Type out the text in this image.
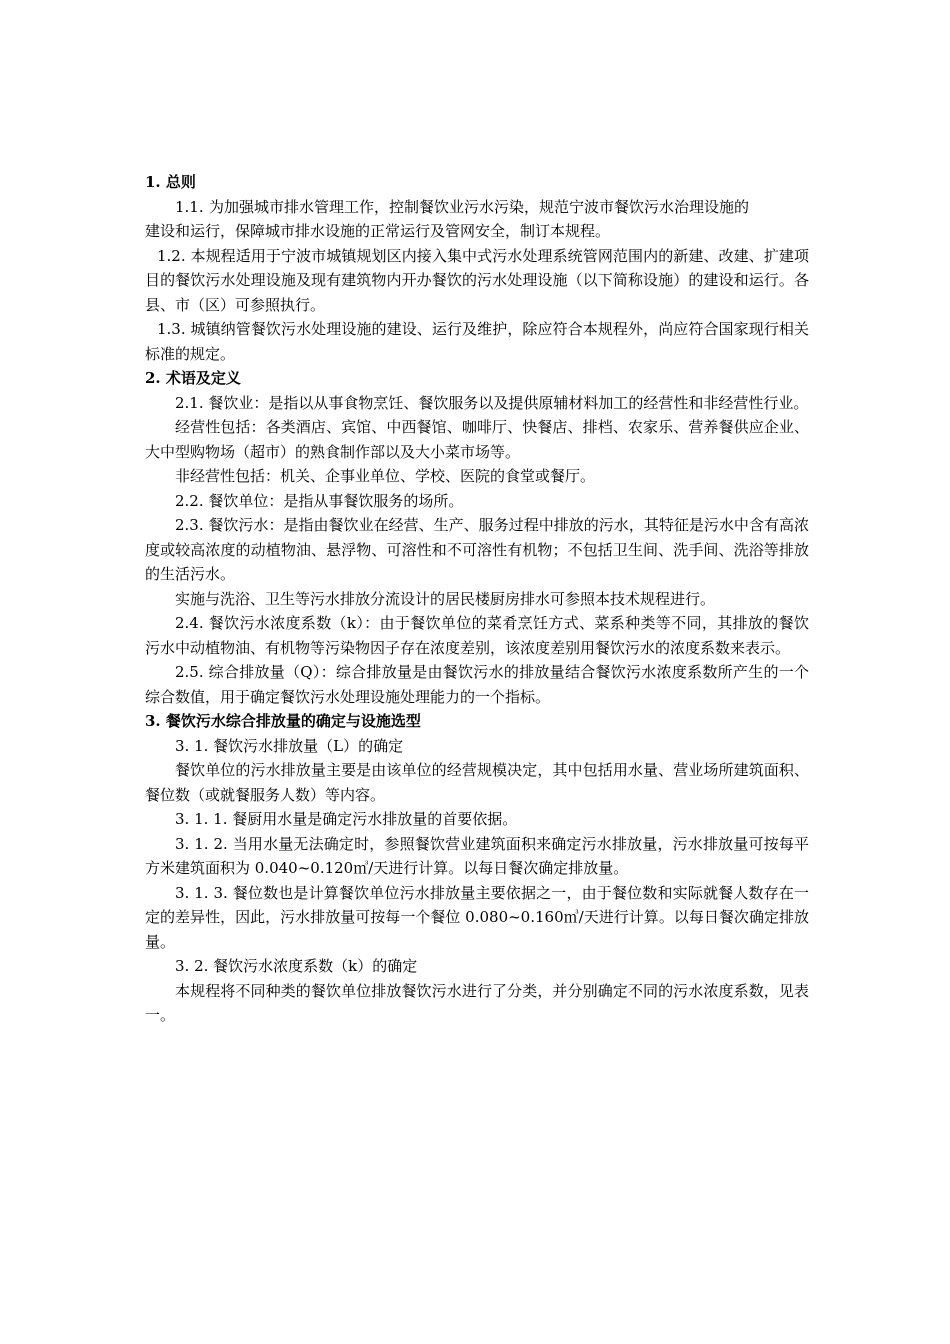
1. 总则
1.1. 为加强城市排水管理工作，控制餐饮业污水污染，规范宁波市餐饮污水治理设施的

建设和运行，保障城市排水设施的正常运行及管网安全，制订本规程。

1.2. 本规程适用于宁波市城镇规划区内接入集中式污水处理系统管网范围内的新建、改建、扩建项目的餐饮污水处理设施及现有建筑物内开办餐饮的污水处理设施（以下简称设施）的建设和运行。各县、市（区）可参照执行。

1.3. 城镇纳管餐饮污水处理设施的建设、运行及维护，除应符合本规程外，尚应符合国家现行相关标准的规定。

2. 术语及定义

2.1. 餐饮业：是指以从事食物烹饪、餐饮服务以及提供原辅材料加工的经营性和非经营性行业。

经营性包括：各类酒店、宾馆、中西餐馆、咖啡厅、快餐店、排档、农家乐、营养餐供应企业、大中型购物场（超市）的熟食制作部以及大小菜市场等。

非经营性包括：机关、企事业单位、学校、医院的食堂或餐厅。

2.2. 餐饮单位：是指从事餐饮服务的场所。

2.3. 餐饮污水：是指由餐饮业在经营、生产、服务过程中排放的污水，其特征是污水中含有高浓度或较高浓度的动植物油、悬浮物、可溶性和不可溶性有机物；不包括卫生间、洗手间、洗浴等排放的生活污水。

实施与洗浴、卫生等污水排放分流设计的居民楼厨房排水可参照本技术规程进行。

2.4. 餐饮污水浓度系数（k）：由于餐饮单位的菜肴烹饪方式、菜系种类等不同，其排放的餐饮污水中动植物油、有机物等污染物因子存在浓度差别，该浓度差别用餐饮污水的浓度系数来表示。

2.5. 综合排放量（Q）：综合排放量是由餐饮污水的排放量结合餐饮污水浓度系数所产生的一个综合数值，用于确定餐饮污水处理设施处理能力的一个指标。

3. 餐饮污水综合排放量的确定与设施选型

3. 1. 餐饮污水排放量（L）的确定

餐饮单位的污水排放量主要是由该单位的经营规模决定，其中包括用水量、营业场所建筑面积、餐位数（或就餐服务人数）等内容。

3. 1. 1. 餐厨用水量是确定污水排放量的首要依据。

3. 1. 2. 当用水量无法确定时，参照餐饮营业建筑面积来确定污水排放量，污水排放量可按每平方米建筑面积为 0.040~0.120㎥/天进行计算。以每日餐次确定排放量。

3. 1. 3. 餐位数也是计算餐饮单位污水排放量主要依据之一，由于餐位数和实际就餐人数存在一定的差异性，因此，污水排放量可按每一个餐位 0.080~0.160㎥/天进行计算。以每日餐次确定排放量。

3. 2. 餐饮污水浓度系数（k）的确定

本规程将不同种类的餐饮单位排放餐饮污水进行了分类，并分别确定不同的污水浓度系数，见表一。
